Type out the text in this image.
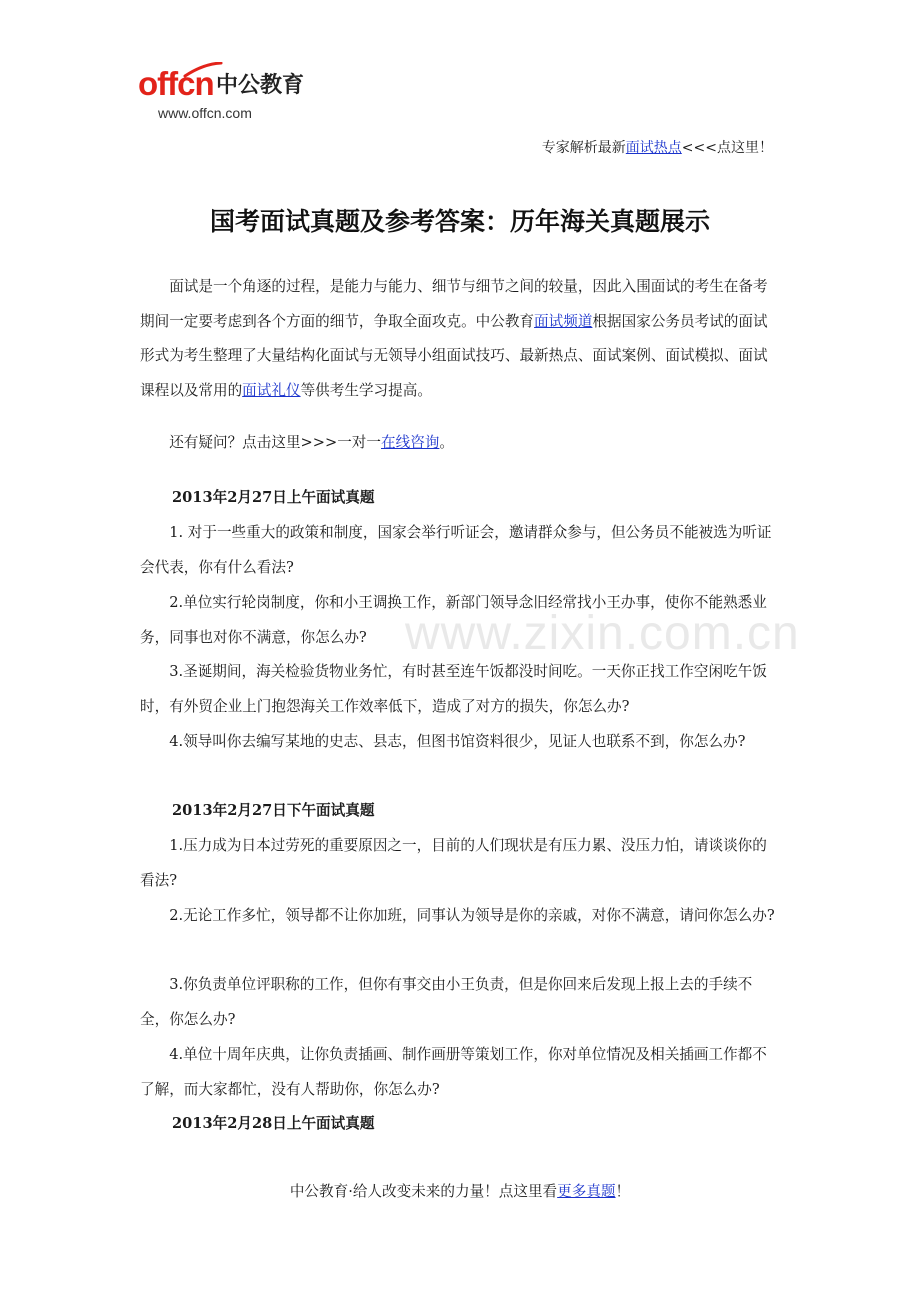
offcn 中公教育
www.offcn.com
专家解析最新面试热点<<<点这里！
国考面试真题及参考答案：历年海关真题展示

面试是一个角逐的过程，是能力与能力、细节与细节之间的较量，因此入围面试的考生在备考期间一定要考虑到各个方面的细节，争取全面攻克。中公教育面试频道根据国家公务员考试的面试形式为考生整理了大量结构化面试与无领导小组面试技巧、最新热点、面试案例、面试模拟、面试课程以及常用的面试礼仪等供考生学习提高。

还有疑问？点击这里>>>一对一在线咨询。

www.zixin.com.cn
2013年2月27日上午面试真题

1. 对于一些重大的政策和制度，国家会举行听证会，邀请群众参与，但公务员不能被选为听证会代表，你有什么看法?

2.单位实行轮岗制度，你和小王调换工作，新部门领导念旧经常找小王办事，使你不能熟悉业务，同事也对你不满意，你怎么办?

3.圣诞期间，海关检验货物业务忙，有时甚至连午饭都没时间吃。一天你正找工作空闲吃午饭时，有外贸企业上门抱怨海关工作效率低下，造成了对方的损失，你怎么办?

4.领导叫你去编写某地的史志、县志，但图书馆资料很少，见证人也联系不到，你怎么办?

2013年2月27日下午面试真题

1.压力成为日本过劳死的重要原因之一，目前的人们现状是有压力累、没压力怕，请谈谈你的看法?

2.无论工作多忙，领导都不让你加班，同事认为领导是你的亲戚，对你不满意，请问你怎么办?

3.你负责单位评职称的工作，但你有事交由小王负责，但是你回来后发现上报上去的手续不全，你怎么办?

4.单位十周年庆典，让你负责插画、制作画册等策划工作，你对单位情况及相关插画工作都不了解，而大家都忙，没有人帮助你，你怎么办?

2013年2月28日上午面试真题
中公教育·给人改变未来的力量！点这里看更多真题！
